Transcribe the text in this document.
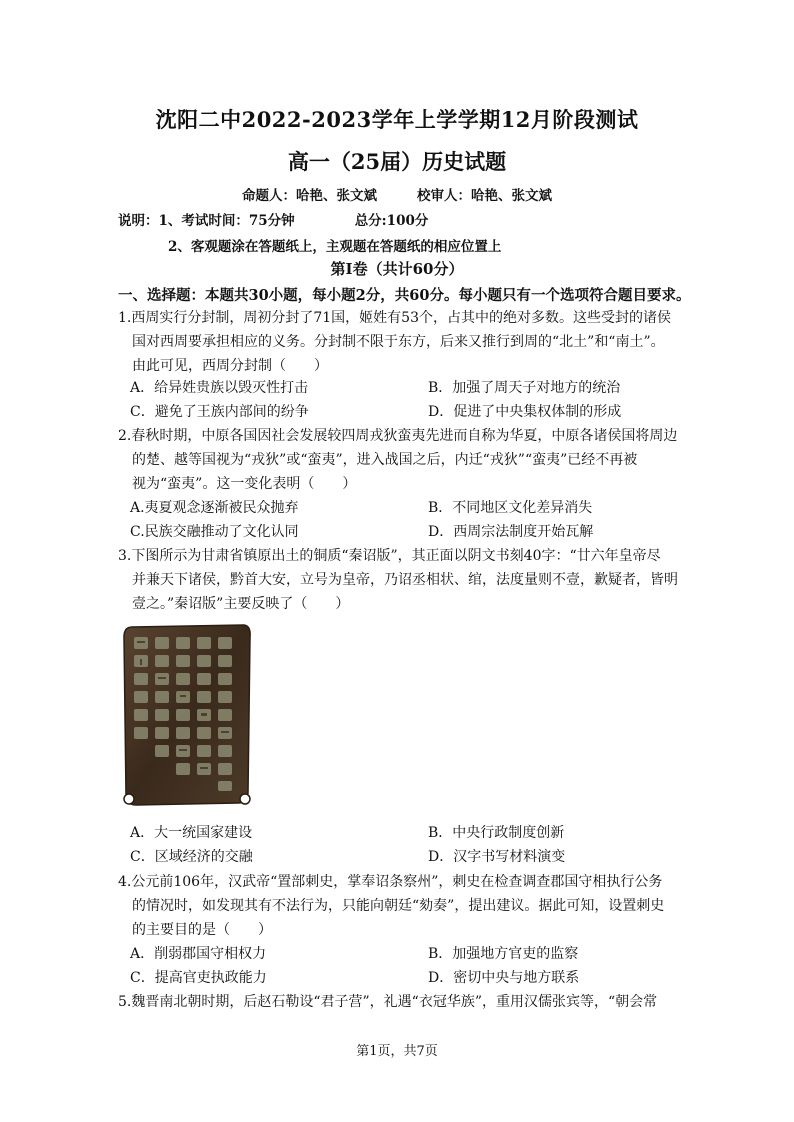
沈阳二中2022-2023学年上学学期12月阶段测试
高一（25届）历史试题
命题人：哈艳、张文斌	校审人：哈艳、张文斌
说明：1、考试时间：75分钟	总分:100分
2、客观题涂在答题纸上，主观题在答题纸的相应位置上
第Ⅰ卷（共计60分）
一、选择题：本题共30小题，每小题2分，共60分。每小题只有一个选项符合题目要求。

1.西周实行分封制，周初分封了71国，姬姓有53个，占其中的绝对多数。这些受封的诸侯

国对西周要承担相应的义务。分封制不限于东方，后来又推行到周的“北土”和“南土”。

由此可见，西周分封制（　　）

A．给异姓贵族以毁灭性打击	B．加强了周天子对地方的统治
C．避免了王族内部间的纷争	D．促进了中央集权体制的形成

2.春秋时期，中原各国因社会发展较四周戎狄蛮夷先进而自称为华夏，中原各诸侯国将周边

的楚、越等国视为“戎狄”或“蛮夷”，进入战国之后，内迁“戎狄”“蛮夷”已经不再被

视为“蛮夷”。这一变化表明（　　）

A.夷夏观念逐渐被民众抛弃	B．不同地区文化差异消失
C.民族交融推动了文化认同	D．西周宗法制度开始瓦解

3.下图所示为甘肃省镇原出土的铜质“秦诏版”，其正面以阴文书刻40字：“廿六年皇帝尽

并兼天下诸侯，黔首大安，立号为皇帝，乃诏丞相状、绾，法度量则不壹，歉疑者，皆明

壹之。”秦诏版”主要反映了（　　）

A．大一统国家建设	B．中央行政制度创新
C．区域经济的交融	D．汉字书写材料演变

4.公元前106年，汉武帝“置部刺史，掌奉诏条察州”，刺史在检查调查郡国守相执行公务

的情况时，如发现其有不法行为，只能向朝廷“劾奏”，提出建议。据此可知，设置刺史

的主要目的是（　　）

A．削弱郡国守相权力	B．加强地方官吏的监察
C．提高官吏执政能力	D．密切中央与地方联系

5.魏晋南北朝时期，后赵石勒设“君子营”，礼遇“衣冠华族”，重用汉儒张宾等，“朝会常

第1页，共7页
